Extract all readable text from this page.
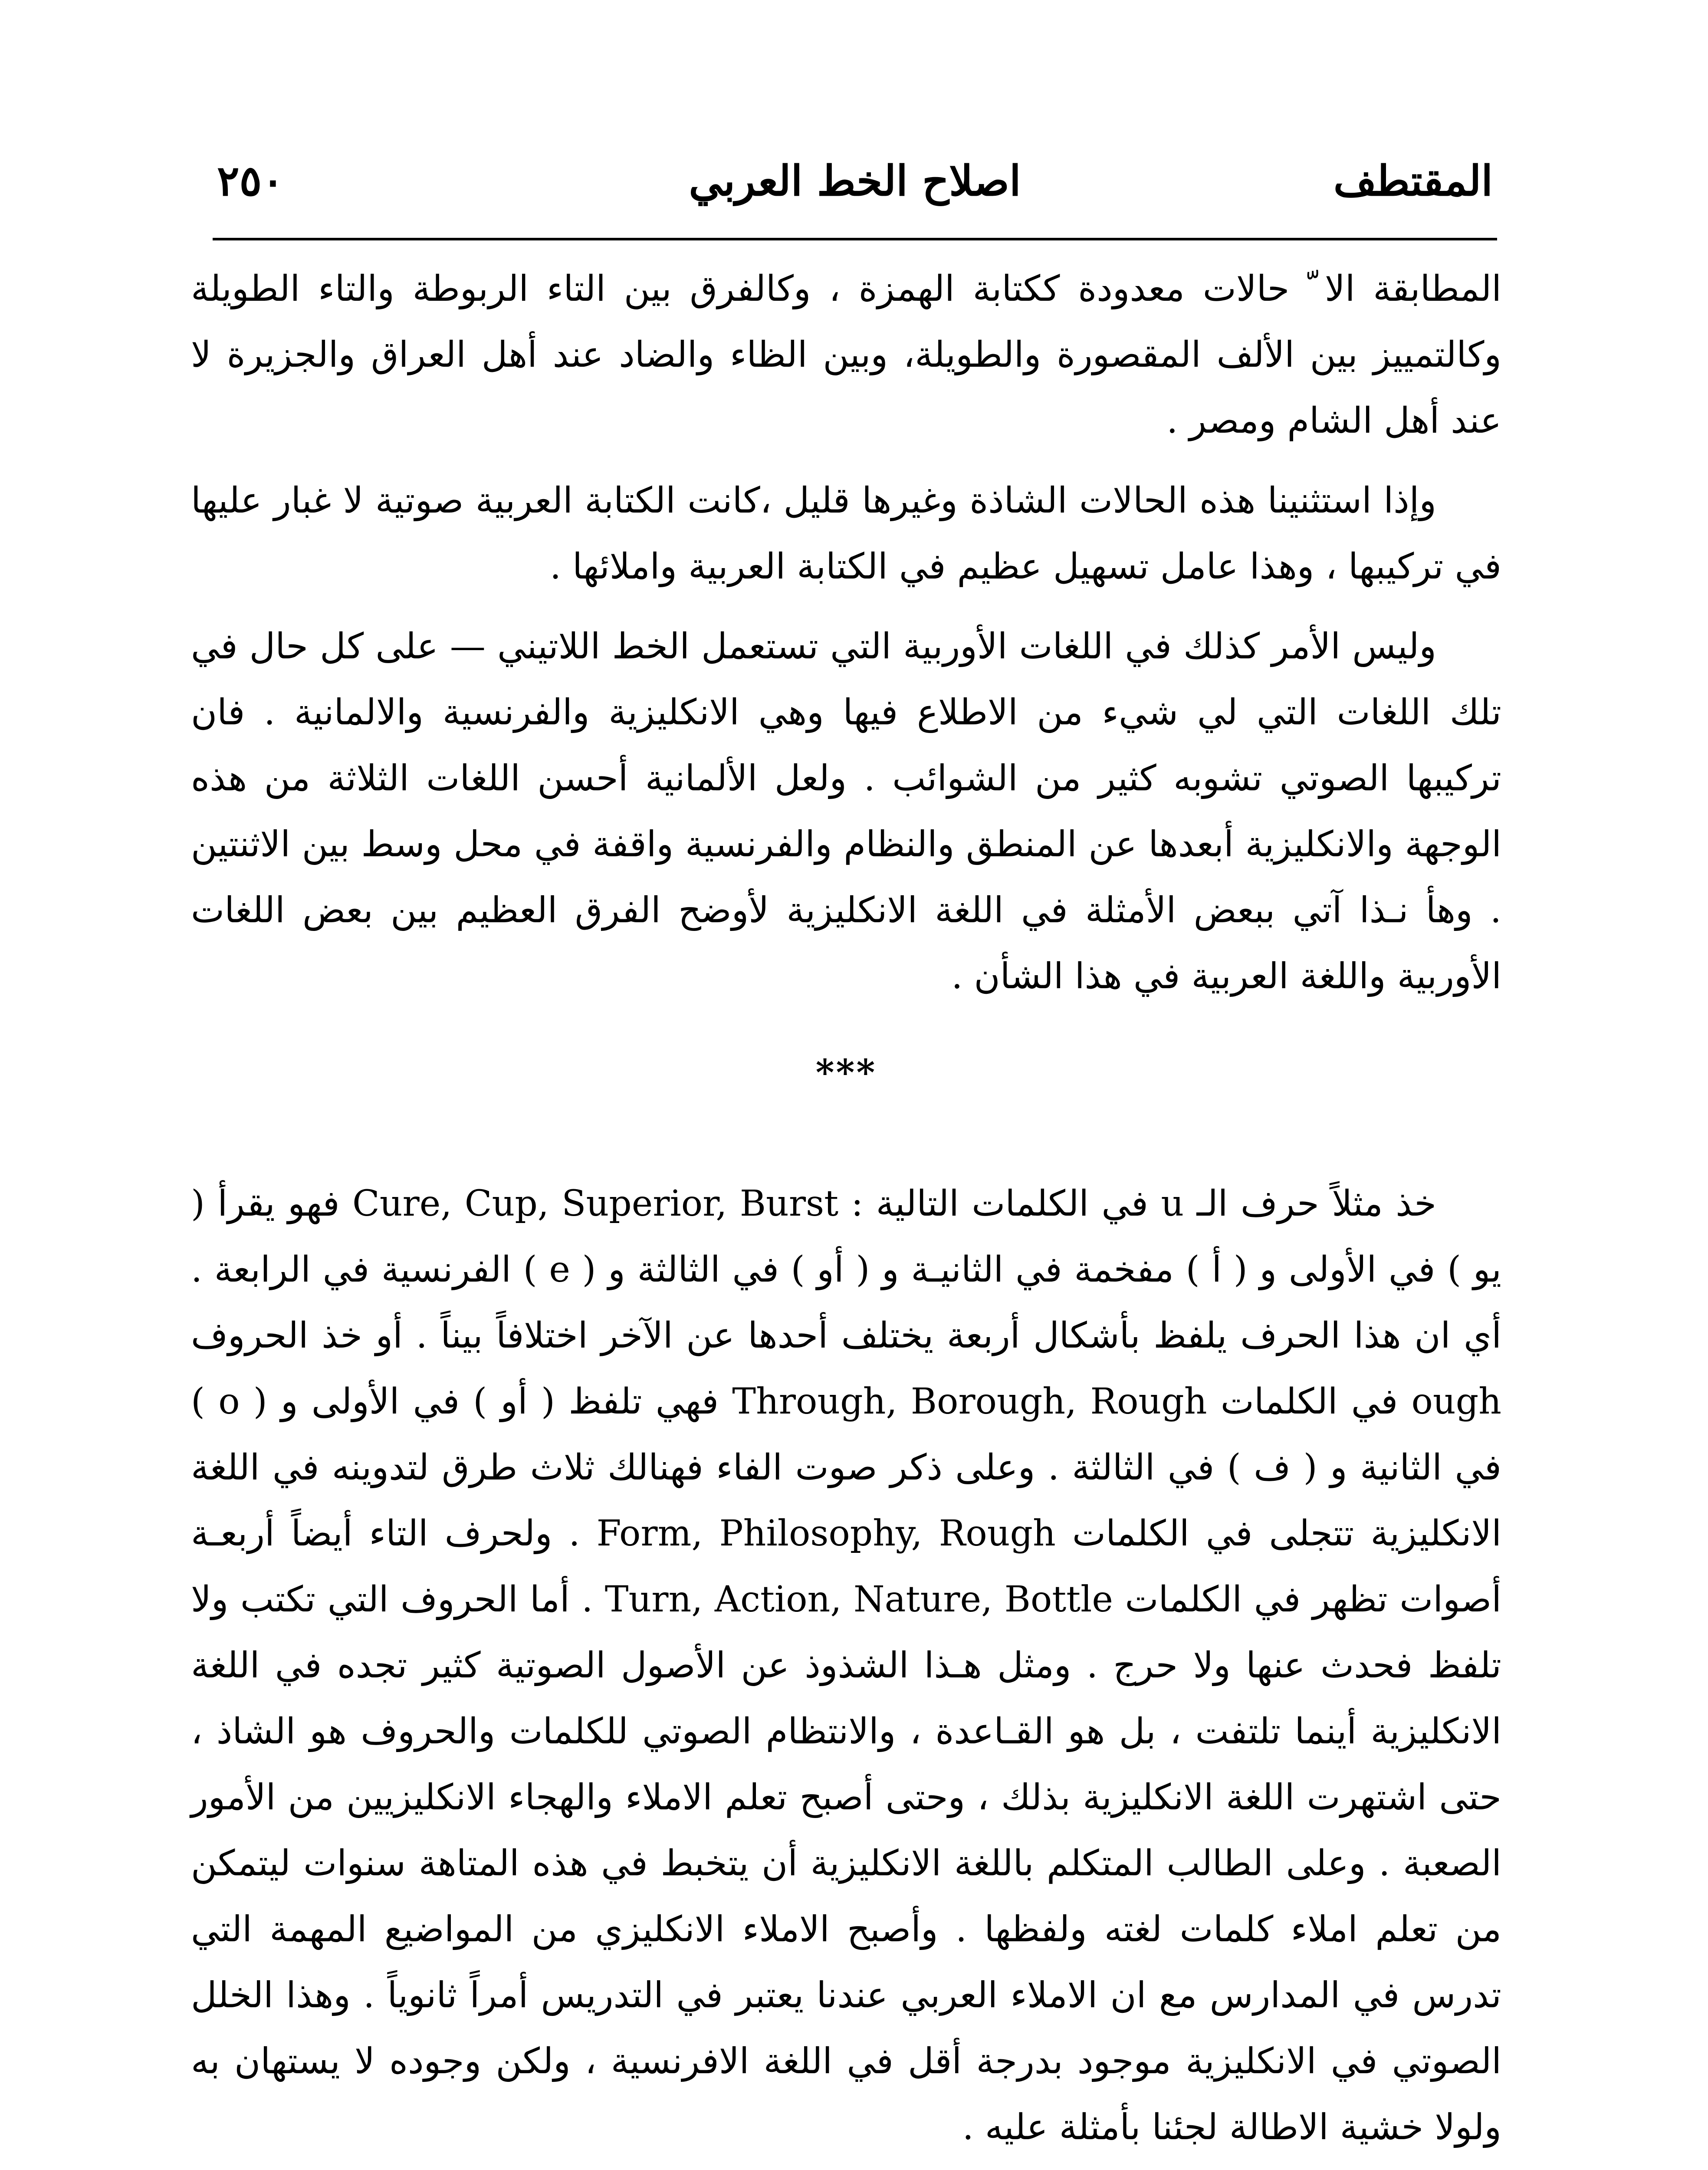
٢٥٠	اصلاح الخط العربي	المقتطف

المطابقة الا ّ حالات معدودة ككتابة الهمزة ، وكالفرق بين التاء الربوطة والتاء الطويلة وكالتمييز بين الألف المقصورة والطويلة، وبين الظاء والضاد عند أهل العراق والجزيرة لا عند أهل الشام ومصر .

وإذا استثنينا هذه الحالات الشاذة وغيرها قليل ،كانت الكتابة العربية صوتية لا غبار عليها في تركيبها ، وهذا عامل تسهيل عظيم في الكتابة العربية واملائها .

وليس الأمر كذلك في اللغات الأوربية التي تستعمل الخط اللاتيني — على كل حال في تلك اللغات التي لي شيء من الاطلاع فيها وهي الانكليزية والفرنسية والالمانية . فان تركيبها الصوتي تشوبه كثير من الشوائب . ولعل الألمانية أحسن اللغات الثلاثة من هذه الوجهة والانكليزية أبعدها عن المنطق والنظام والفرنسية واقفة في محل وسط بين الاثنتين . وهأ نـذا آتي ببعض الأمثلة في اللغة الانكليزية لأوضح الفرق العظيم بين بعض اللغات الأوربية واللغة العربية في هذا الشأن .

***

خذ مثلاً حرف الـ u في الكلمات التالية : Cure, Cup, Superior, Burst فهو يقرأ ( يو ) في الأولى و ( أ ) مفخمة في الثانيـة و ( أو ) في الثالثة و ( e ) الفرنسية في الرابعة . أي ان هذا الحرف يلفظ بأشكال أربعة يختلف أحدها عن الآخر اختلافاً بيناً . أو خذ الحروف ough في الكلمات Through, Borough, Rough فهي تلفظ ( أو ) في الأولى و ( o ) في الثانية و ( ف ) في الثالثة . وعلى ذكر صوت الفاء فهنالك ثلاث طرق لتدوينه في اللغة الانكليزية تتجلى في الكلمات Form, Philosophy, Rough . ولحرف التاء أيضاً أربعـة أصوات تظهر في الكلمات Turn, Action, Nature, Bottle . أما الحروف التي تكتب ولا تلفظ فحدث عنها ولا حرج . ومثل هـذا الشذوذ عن الأصول الصوتية كثير تجده في اللغة الانكليزية أينما تلتفت ، بل هو القـاعدة ، والانتظام الصوتي للكلمات والحروف هو الشاذ ، حتى اشتهرت اللغة الانكليزية بذلك ، وحتى أصبح تعلم الاملاء والهجاء الانكليزيين من الأمور الصعبة . وعلى الطالب المتكلم باللغة الانكليزية أن يتخبط في هذه المتاهة سنوات ليتمكن من تعلم املاء كلمات لغته ولفظها . وأصبح الاملاء الانكليزي من المواضيع المهمة التي تدرس في المدارس مع ان الاملاء العربي عندنا يعتبر في التدريس أمراً ثانوياً . وهذا الخلل الصوتي في الانكليزية موجود بدرجة أقل في اللغة الافرنسية ، ولكن وجوده لا يستهان به ولولا خشية الاطالة لجئنا بأمثلة عليه .
